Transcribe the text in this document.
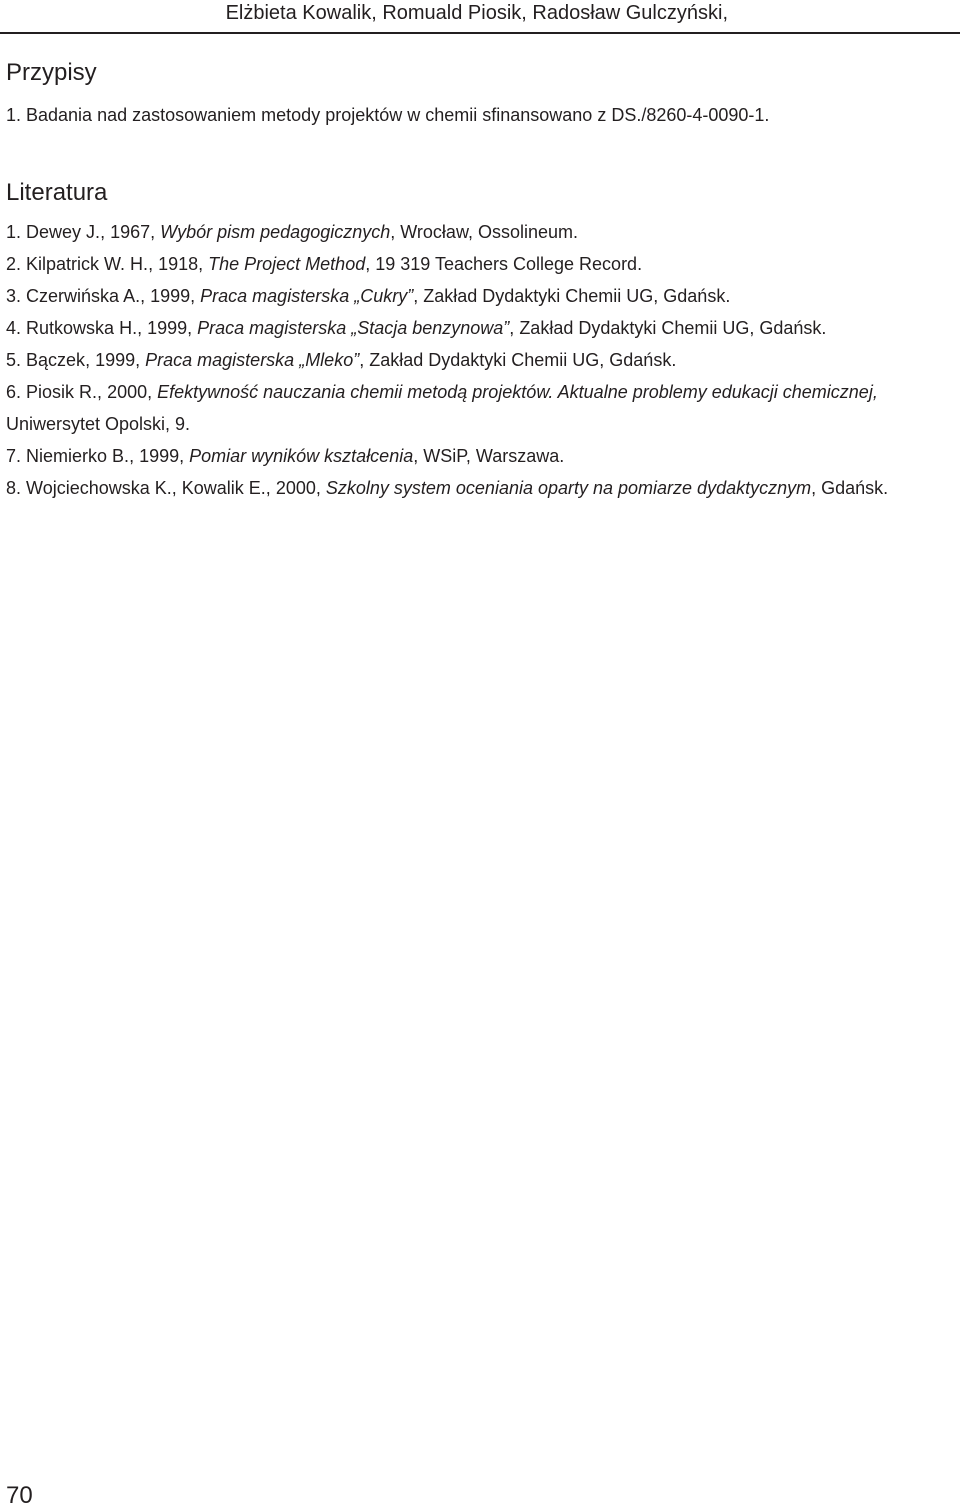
Elżbieta Kowalik, Romuald Piosik, Radosław Gulczyński,
Przypisy
1. Badania nad zastosowaniem metody projektów w chemii sfinansowano z DS./8260-4-0090-1.
Literatura
1. Dewey J., 1967, Wybór pism pedagogicznych, Wrocław, Ossolineum.
2. Kilpatrick W. H., 1918, The Project Method, 19 319 Teachers College Record.
3. Czerwińska A., 1999, Praca magisterska „Cukry”, Zakład Dydaktyki Chemii UG, Gdańsk.
4. Rutkowska H., 1999, Praca magisterska „Stacja benzynowa”, Zakład Dydaktyki Chemii UG, Gdańsk.
5. Bączek, 1999, Praca magisterska „Mleko”, Zakład Dydaktyki Chemii UG, Gdańsk.
6. Piosik R., 2000, Efektywność nauczania chemii metodą projektów. Aktualne problemy edukacji chemicznej,
Uniwersytet Opolski, 9.
7. Niemierko B., 1999, Pomiar wyników kształcenia, WSiP, Warszawa.
8. Wojciechowska K., Kowalik E., 2000, Szkolny system oceniania oparty na pomiarze dydaktycznym, Gdańsk.
70
